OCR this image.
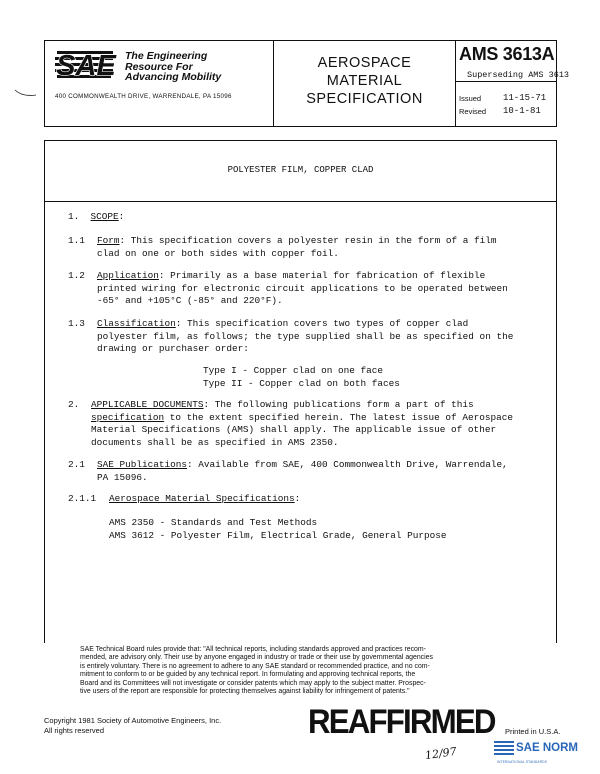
SAE The Engineering
Resource For
Advancing Mobility
400 COMMONWEALTH DRIVE, WARRENDALE, PA 15096
AEROSPACE
MATERIAL
SPECIFICATION
AMS 3613A
Superseding AMS 3613
Issued 11-15-71
Revised 10-1-81
POLYESTER FILM, COPPER CLAD
1. SCOPE:
1.1 Form: This specification covers a polyester resin in the form of a film
clad on one or both sides with copper foil.
1.2 Application: Primarily as a base material for fabrication of flexible
printed wiring for electronic circuit applications to be operated between
-65° and +105°C (-85° and 220°F).
1.3 Classification: This specification covers two types of copper clad
polyester film, as follows; the type supplied shall be as specified on the
drawing or purchaser order:
Type I - Copper clad on one face
Type II - Copper clad on both faces
2. APPLICABLE DOCUMENTS: The following publications form a part of this
specification to the extent specified herein. The latest issue of Aerospace
Material Specifications (AMS) shall apply. The applicable issue of other
documents shall be as specified in AMS 2350.
2.1 SAE Publications: Available from SAE, 400 Commonwealth Drive, Warrendale,
PA 15096.
2.1.1 Aerospace Material Specifications:
AMS 2350 - Standards and Test Methods
AMS 3612 - Polyester Film, Electrical Grade, General Purpose
SAE Technical Board rules provide that: "All technical reports, including standards approved and practices recom-
mended, are advisory only. Their use by anyone engaged in industry or trade or their use by governmental agencies
is entirely voluntary. There is no agreement to adhere to any SAE standard or recommended practice, and no com-
mitment to conform to or be guided by any technical report. In formulating and approving technical reports, the
Board and its Committees will not investigate or consider patents which may apply to the subject matter. Prospec-
tive users of the report are responsible for protecting themselves against liability for infringement of patents."
Copyright 1981 Society of Automotive Engineers, Inc.
All rights reserved	REAFFIRMED Printed in U.S.A.
12/97	SAE NORM
INTERNATIONAL STANDARDS
